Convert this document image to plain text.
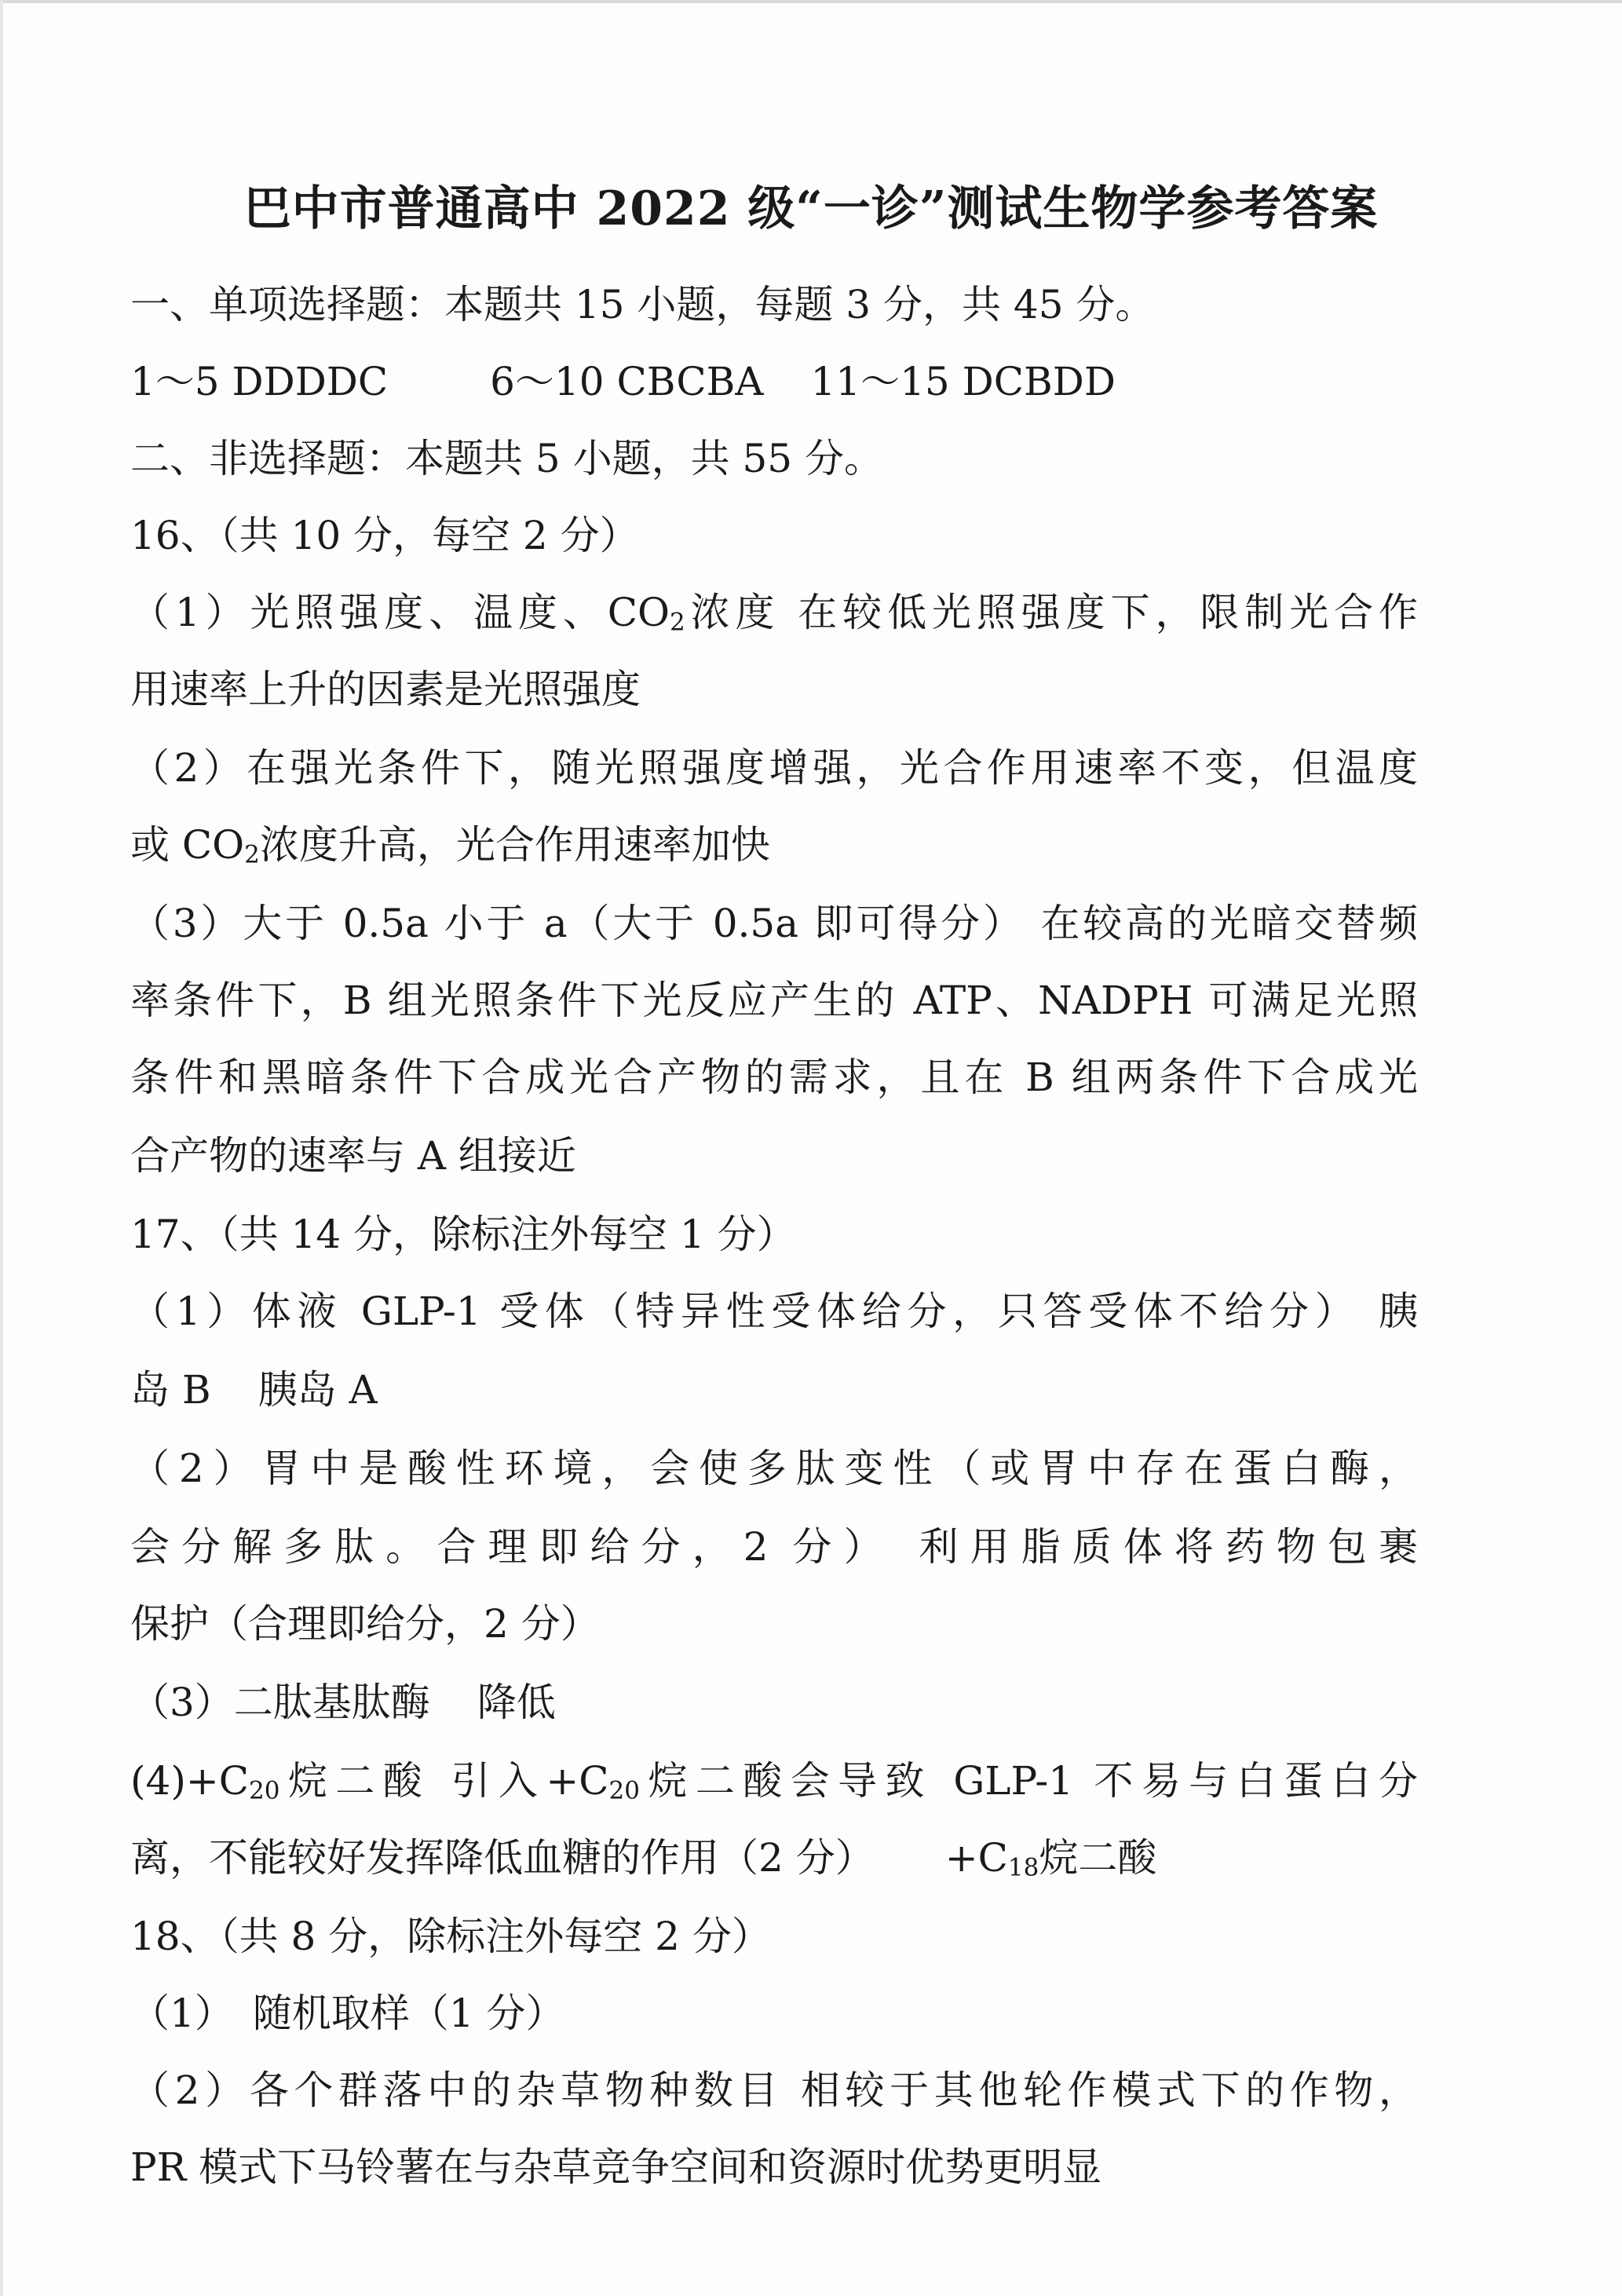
巴中市普通高中 2022 级“一诊”测试生物学参考答案
一、单项选择题：本题共 15 小题，每题 3 分，共 45 分。
1～5 DDDDC	6～10 CBCBA 11～15 DCBDD
二、非选择题：本题共 5 小题，共 55 分。
16、（共 10 分，每空 2 分）
（1）光照强度、温度、$CO_2$浓度 在较低光照强度下，限制光合作
用速率上升的因素是光照强度
（2）在强光条件下，随光照强度增强，光合作用速率不变，但温度
或 $CO_2$浓度升高，光合作用速率加快
（3）大于 0.5a 小于 a（大于 0.5a 即可得分） 在较高的光暗交替频
率条件下，B 组光照条件下光反应产生的 ATP、NADPH 可满足光照
条件和黑暗条件下合成光合产物的需求，且在 B 组两条件下合成光
合产物的速率与 A 组接近
17、（共 14 分，除标注外每空 1 分）
（1）体液 GLP-1 受体（特异性受体给分，只答受体不给分） 胰
岛 B 胰岛 A
（2）胃中是酸性环境，会使多肽变性（或胃中存在蛋白酶，
会分解多肽。合理即给分，2 分） 利用脂质体将药物包裹
保护（合理即给分，2 分）
（3）二肽基肽酶 降低
$(4)+C_{20}$烷二酸 引入$+C_{20}$烷二酸会导致 GLP-1 不易与白蛋白分
离，不能较好发挥降低血糖的作用（2 分） $+C_{18}$烷二酸
18、（共 8 分，除标注外每空 2 分）
（1） 随机取样（1 分）
（2）各个群落中的杂草物种数目 相较于其他轮作模式下的作物，
PR 模式下马铃薯在与杂草竞争空间和资源时优势更明显
